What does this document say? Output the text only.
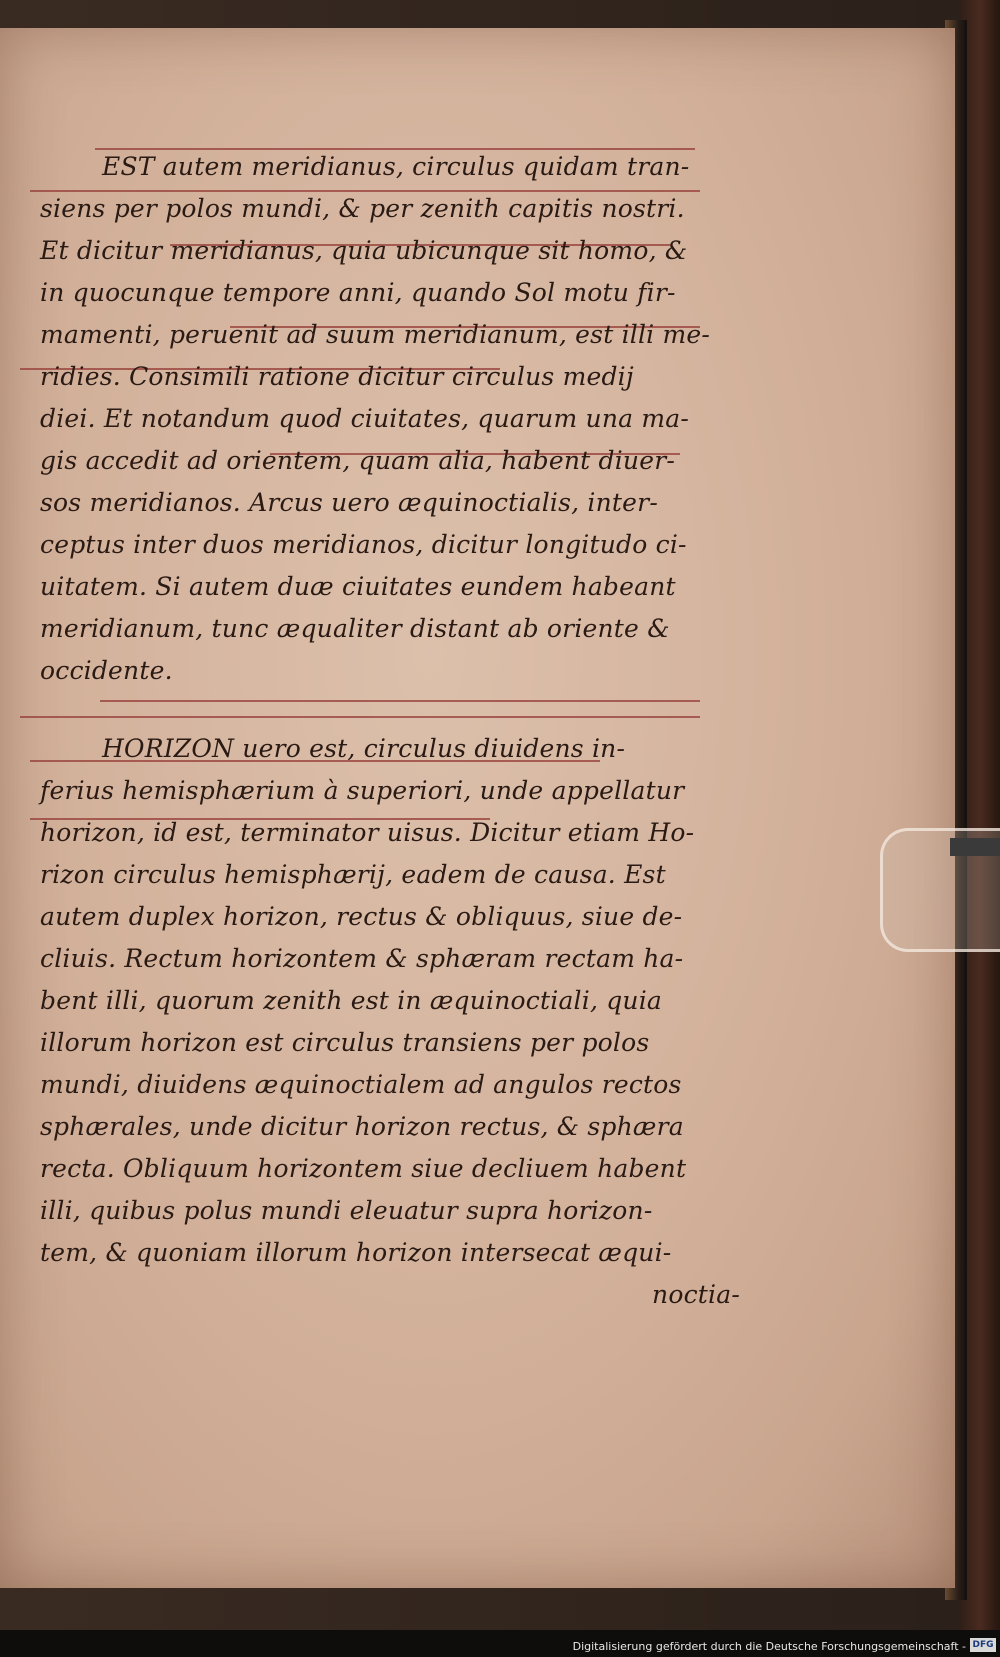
EST autem meridianus, circulus quidam tran-
siens per polos mundi, & per zenith capitis nostri.
Et dicitur meridianus, quia ubicunque sit homo, &
in quocunque tempore anni, quando Sol motu fir-
mamenti, peruenit ad suum meridianum, est illi me-
ridies. Consimili ratione dicitur circulus medij
diei. Et notandum quod ciuitates, quarum una ma-
gis accedit ad orientem, quam alia, habent diuer-
sos meridianos. Arcus uero æquinoctialis, inter-
ceptus inter duos meridianos, dicitur longitudo ci-
uitatem. Si autem duæ ciuitates eundem habeant
meridianum, tunc æqualiter distant ab oriente &
occidente.
HORIZON uero est, circulus diuidens in-
ferius hemisphærium à superiori, unde appellatur
horizon, id est, terminator uisus. Dicitur etiam Ho-
rizon circulus hemisphærij, eadem de causa. Est
autem duplex horizon, rectus & obliquus, siue de-
cliuis. Rectum horizontem & sphæram rectam ha-
bent illi, quorum zenith est in æquinoctiali, quia
illorum horizon est circulus transiens per polos
mundi, diuidens æquinoctialem ad angulos rectos
sphærales, unde dicitur horizon rectus, & sphæra
recta. Obliquum horizontem siue decliuem habent
illi, quibus polus mundi eleuatur supra horizon-
tem, & quoniam illorum horizon intersecat æqui-
noctia-
Digitalisierung gefördert durch die Deutsche Forschungsgemeinschaft - DFG
